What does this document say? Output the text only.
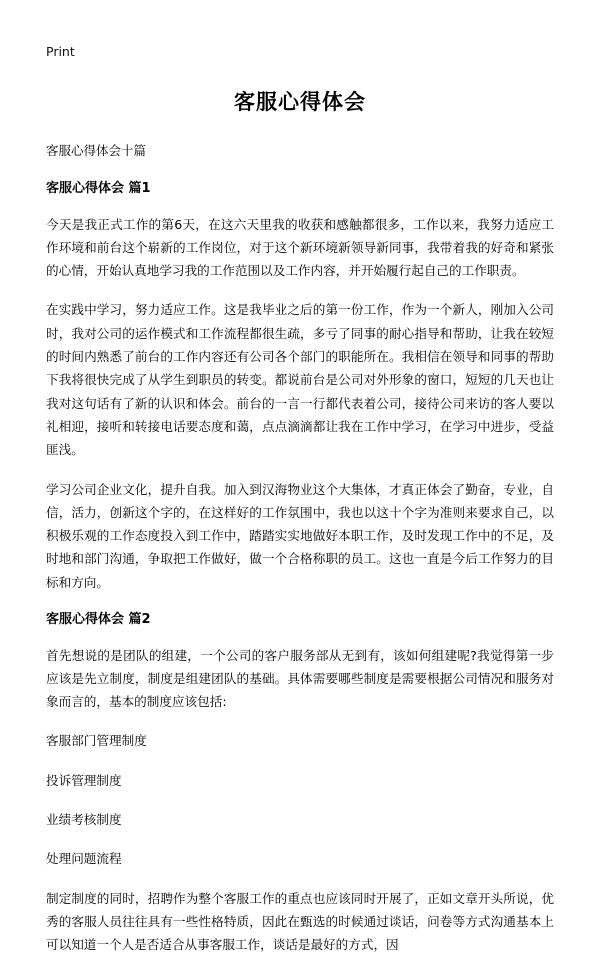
Print
客服心得体会
客服心得体会十篇
客服心得体会 篇1

今天是我正式工作的第6天，在这六天里我的收获和感触都很多，工作以来，我努力适应工作环境和前台这个崭新的工作岗位，对于这个新环境新领导新同事，我带着我的好奇和紧张的心情，开始认真地学习我的工作范围以及工作内容，并开始履行起自己的工作职责。

在实践中学习，努力适应工作。这是我毕业之后的第一份工作，作为一个新人，刚加入公司时，我对公司的运作模式和工作流程都很生疏，多亏了同事的耐心指导和帮助，让我在较短的时间内熟悉了前台的工作内容还有公司各个部门的职能所在。我相信在领导和同事的帮助下我将很快完成了从学生到职员的转变。都说前台是公司对外形象的窗口，短短的几天也让我对这句话有了新的认识和体会。前台的一言一行都代表着公司，接待公司来访的客人要以礼相迎，接听和转接电话要态度和蔼，点点滴滴都让我在工作中学习，在学习中进步，受益匪浅。

学习公司企业文化，提升自我。加入到汉海物业这个大集体，才真正体会了勤奋，专业，自信，活力，创新这个字的，在这样好的工作氛围中，我也以这十个字为准则来要求自己，以积极乐观的工作态度投入到工作中，踏踏实实地做好本职工作，及时发现工作中的不足，及时地和部门沟通，争取把工作做好，做一个合格称职的员工。这也一直是今后工作努力的目标和方向。

客服心得体会 篇2

首先想说的是团队的组建，一个公司的客户服务部从无到有，该如何组建呢?我觉得第一步应该是先立制度，制度是组建团队的基础。具体需要哪些制度是需要根据公司情况和服务对象而言的，基本的制度应该包括:

客服部门管理制度
投诉管理制度
业绩考核制度
处理问题流程

制定制度的同时，招聘作为整个客服工作的重点也应该同时开展了，正如文章开头所说，优秀的客服人员往往具有一些性格特质，因此在甄选的时候通过谈话，问卷等方式沟通基本上可以知道一个人是否适合从事客服工作，谈话是最好的方式，因
